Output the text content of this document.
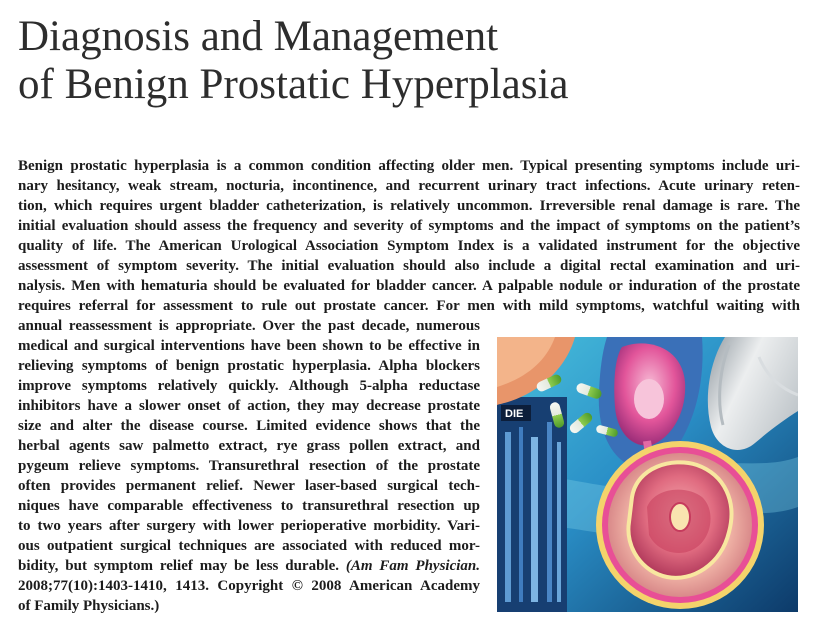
Diagnosis and Management
of Benign Prostatic Hyperplasia
Benign prostatic hyperplasia is a common condition affecting older men. Typical presenting symptoms include uri-
nary hesitancy, weak stream, nocturia, incontinence, and recurrent urinary tract infections. Acute urinary reten-
tion, which requires urgent bladder catheterization, is relatively uncommon. Irreversible renal damage is rare. The
initial evaluation should assess the frequency and severity of symptoms and the impact of symptoms on the patient’s
quality of life. The American Urological Association Symptom Index is a validated instrument for the objective
assessment of symptom severity. The initial evaluation should also include a digital rectal examination and uri-
nalysis. Men with hematuria should be evaluated for bladder cancer. A palpable nodule or induration of the prostate
requires referral for assessment to rule out prostate cancer. For men with mild symptoms, watchful waiting with
annual reassessment is appropriate. Over the past decade, numerous
medical and surgical interventions have been shown to be effective in
relieving symptoms of benign prostatic hyperplasia. Alpha blockers
improve symptoms relatively quickly. Although 5-alpha reductase
inhibitors have a slower onset of action, they may decrease prostate
size and alter the disease course. Limited evidence shows that the
herbal agents saw palmetto extract, rye grass pollen extract, and
pygeum relieve symptoms. Transurethral resection of the prostate
often provides permanent relief. Newer laser-based surgical tech-
niques have comparable effectiveness to transurethral resection up
to two years after surgery with lower perioperative morbidity. Vari-
ous outpatient surgical techniques are associated with reduced mor-
bidity, but symptom relief may be less durable. (Am Fam Physician.
2008;77(10):1403-1410, 1413. Copyright © 2008 American Academy
of Family Physicians.)
DIE
